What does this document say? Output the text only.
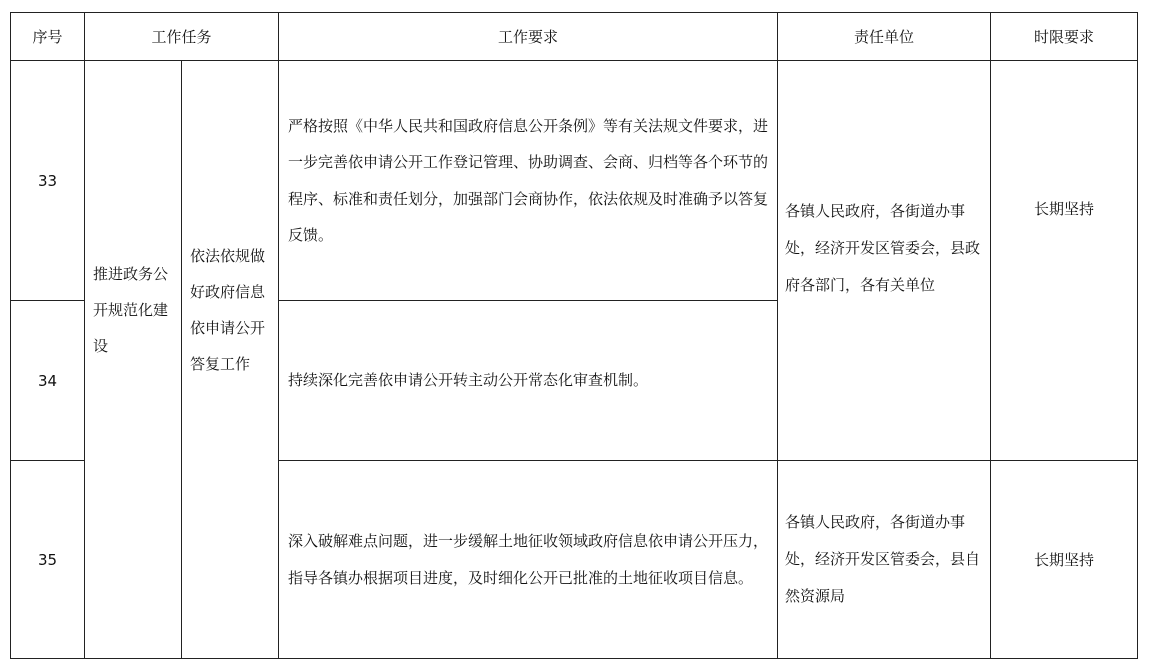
序号	工作任务		工作要求	责任单位	时限要求
33	推进政务公开规范化建设	依法依规做好政府信息依申请公开答复工作	严格按照《中华人民共和国政府信息公开条例》等有关法规文件要求，进一步完善依申请公开工作登记管理、协助调查、会商、归档等各个环节的程序、标准和责任划分，加强部门会商协作，依法依规及时准确予以答复反馈。	各镇人民政府，各街道办事处，经济开发区管委会，县政府各部门，各有关单位	长期坚持

34			持续深化完善依申请公开转主动公开常态化审查机制。		
35			深入破解难点问题，进一步缓解土地征收领域政府信息依申请公开压力，指导各镇办根据项目进度，及时细化公开已批准的土地征收项目信息。	各镇人民政府，各街道办事处，经济开发区管委会，县自然资源局	长期坚持
